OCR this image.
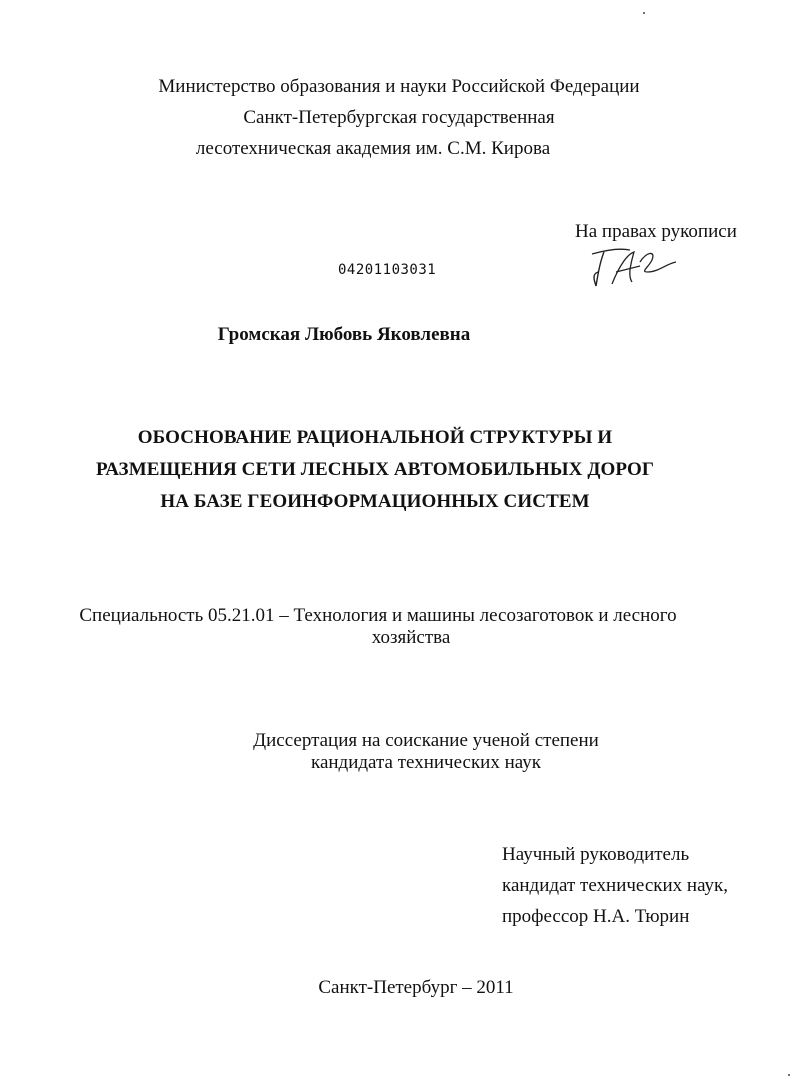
Министерство образования и науки Российской Федерации
Санкт-Петербургская государственная
лесотехническая академия им. С.М. Кирова
На правах рукописи
04201103031
Громская Любовь Яковлевна
ОБОСНОВАНИЕ РАЦИОНАЛЬНОЙ СТРУКТУРЫ И
РАЗМЕЩЕНИЯ СЕТИ ЛЕСНЫХ АВТОМОБИЛЬНЫХ ДОРОГ
НА БАЗЕ ГЕОИНФОРМАЦИОННЫХ СИСТЕМ
Специальность 05.21.01 – Технология и машины лесозаготовок и лесного
хозяйства
Диссертация на соискание ученой степени
кандидата технических наук
Научный руководитель
кандидат технических наук,
профессор Н.А. Тюрин
Санкт-Петербург – 2011
